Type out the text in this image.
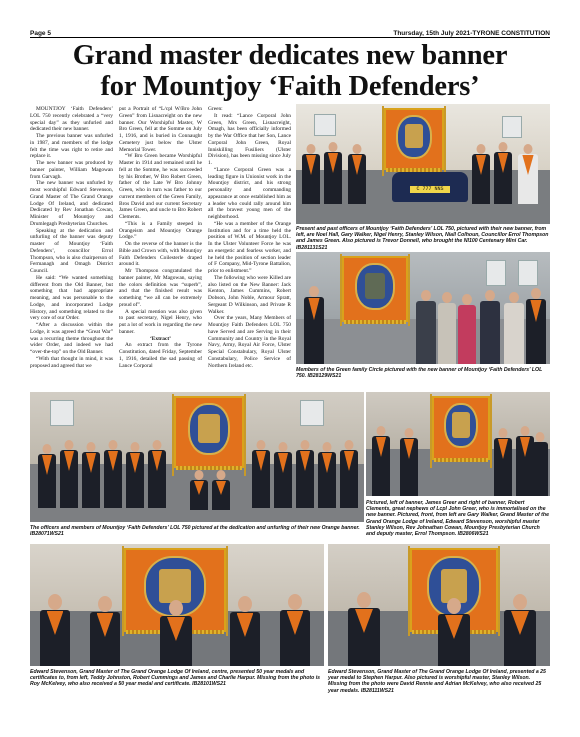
Page 5	Thursday, 15th July 2021-TYRONE CONSTITUTION
Grand master dedicates new banner
for Mountjoy ‘Faith Defenders’

MOUNTJOY ‘Faith Defenders’ LOL 750 recently celebrated a “very special day” as they unfurled and dedicated their new banner.

The previous banner was unfurled in 1987, and members of the lodge felt the time was right to retire and replace it.

The new banner was produced by banner painter, William Magowan from Garvagh.

The new banner was unfurled by most worshipful Edward Stevenson, Grand Master of The Grand Orange Lodge Of Ireland, and dedicated Dedicated by Rev Jonathan Cowan, Minister of Mountjoy and Drumlegagh Presbyterian Churches.

Speaking at the dedication and unfurling of the banner was deputy master of Mountjoy ‘Faith Defenders’, councillor Errol Thompson, who is also chairperson of Fermanagh and Omagh District Council.

He said: “We wanted something different from the Old Banner, but something that had appropriate meaning, and was personable to the Lodge, and incorporated Lodge History, and something related to the very core of our Order.

“After a discussion within the Lodge, it was agreed the “Great War” was a recurring theme throughout the wider Order, and indeed we had “over-the-top” on the Old Banner.

“With that thought in mind, it was proposed and agreed that we

put a Portrait of “L/cpl W/Bro John Green” from Lisnacreight on the new banner. Our Worshipful Master, W Bro Green, fell at the Somme on July 1, 1916, and is buried in Connaught Cemetery just below the Ulster Memorial Tower.

“W Bro Green became Worshipful Master in 1914 and remained until he fell at the Somme, he was succeeded by his Brother, W Bro Robert Green, father of the Late W Bro Johnny Green, who in turn was father to our current members of the Green Family, Bros David and our current Secretary James Green, and uncle to Bro Robert Clements.

“This is a Family steeped in Orangeism and Mountjoy Orange Lodge.”

On the reverse of the banner is the Bible and Crown with, with Mountjoy Faith Defenders Coilesterle draped around it.

Mr Thompson congratulated the banner painter, Mr Magowan, saying the colors definition was “superb”, and that the finished result was something “we all can be extremely proud of”.

A special mention was also given to past secretary, Nigel Henry, who put a lot of work in regarding the new banner.

‘Extract’

An extract from the Tyrone Constitution, dated Friday, September 1, 1916, detailed the sad passing of Lance Corporal

Green:

It read: “Lance Corporal John Green, Mrs Green, Lisnacreight, Omagh, has been officially informed by the War Office that her Son, Lance Corporal John Green, Royal Inniskilling Fusiliers (Ulster Division), has been missing since July 1.

“Lance Corporal Green was a leading figure in Unionist work in the Mountjoy district, and his strong personality and commanding appearance at once established him as a leader who could rally around him all the bravest young men of the neighborhood.

“He was a member of the Orange Institution and for a time held the position of W.M. of Mountjoy LOL. In the Ulster Volunteer Force he was an energetic and fearless worker, and he held the position of section leader of F Company, Mid-Tyrone Battalion, prior to enlistment.”

The following who were Killed are also listed on the New Banner: Jack Kenton, James Cummins, Robert Dobson, John Noble, Armour Spratt, Sergeant D Wilkinson, and Private R Walker.

Over the years, Many Members of Mountjoy Faith Defenders LOL 750 have Served and are Serving in their Community and Country in the Royal Navy, Army, Royal Air Force, Ulster Special Constabulary, Royal Ulster Constabulary, Police Service of Northern Ireland etc.

C 777 NNS
Present and past officers of Mountjoy ‘Faith Defenders’ LOL 750, pictured with their new banner, from left, are Noel Hall, Gary Walker, Nigel Henry, Stanley Wilson, Niall Colhoun, Councillor Errol Thompson and James Green. Also pictured is Trevor Donnell, who brought the NI100 Centenary Mini Car. IB281131S21
Members of the Green family Circle pictured with the new banner of Mountjoy ‘Faith Defenders’ LOL 750. IB28129WS21
The officers and members of Mountjoy ‘Faith Defenders’ LOL 750 pictured at the dedication and unfurling of their new Orange banner. IB28071WS21
Pictured, left of banner, James Greer and right of banner, Robert Clements, great nephews of Lcpl John Greer, who is immortalised on the new banner. Pictured, front, from left are Gary Walker, Grand Master of the Grand Orange Lodge of Ireland, Edward Stevenson, worshipful master Stanley Wilson, Rev Johnathan Cowan, Mountjoy Presbyterian Church and deputy master, Errol Thompson. IB2806WS21
Edward Stevenson, Grand Master of The Grand Orange Lodge Of Ireland, centre, presented 50 year medals and certificates to, from left, Teddy Johnston, Robert Cummings and James and Charlie Harpur. Missing from the photo is Roy McKelvey, who also received a 50 year medal and certificate. IB28101WS21
Edward Stevenson, Grand Master of The Grand Orange Lodge Of Ireland, presented a 25 year medal to Stephen Harpur. Also pictured is worshipful master, Stanley Wilson. Missing from the photo were David Rennie and Adrian McKelvey, who also received 25 year medals. IB28111WS21
